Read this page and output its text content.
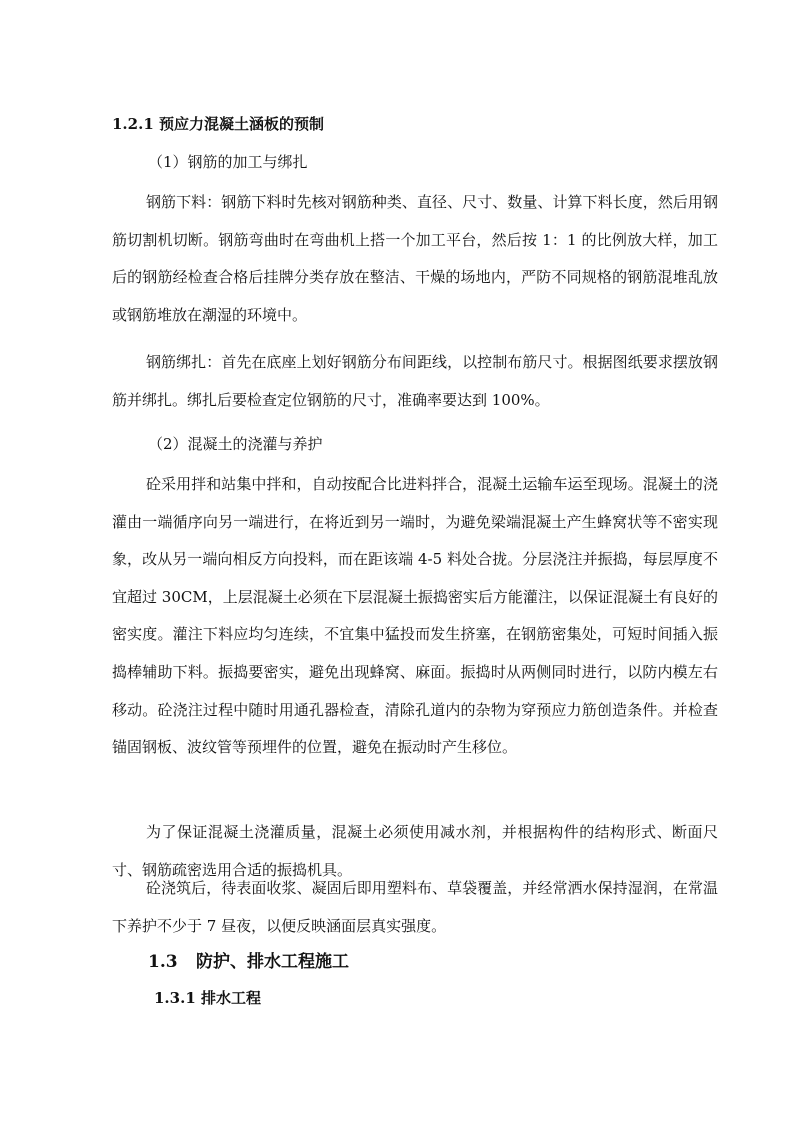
1.2.1 预应力混凝土涵板的预制
（1）钢筋的加工与绑扎

钢筋下料：钢筋下料时先核对钢筋种类、直径、尺寸、数量、计算下料长度，然后用钢筋切割机切断。钢筋弯曲时在弯曲机上搭一个加工平台，然后按 1：1 的比例放大样，加工后的钢筋经检查合格后挂牌分类存放在整洁、干燥的场地内，严防不同规格的钢筋混堆乱放或钢筋堆放在潮湿的环境中。

钢筋绑扎：首先在底座上划好钢筋分布间距线，以控制布筋尺寸。根据图纸要求摆放钢筋并绑扎。绑扎后要检查定位钢筋的尺寸，准确率要达到 100%。

（2）混凝土的浇灌与养护

砼采用拌和站集中拌和，自动按配合比进料拌合，混凝土运输车运至现场。混凝土的浇灌由一端循序向另一端进行，在将近到另一端时，为避免梁端混凝土产生蜂窝状等不密实现象，改从另一端向相反方向投料，而在距该端 4-5 料处合拢。分层浇注并振捣，每层厚度不宜超过 30CM，上层混凝土必须在下层混凝土振捣密实后方能灌注，以保证混凝土有良好的密实度。灌注下料应均匀连续，不宜集中猛投而发生挤塞，在钢筋密集处，可短时间插入振捣棒辅助下料。振捣要密实，避免出现蜂窝、麻面。振捣时从两侧同时进行，以防内模左右移动。砼浇注过程中随时用通孔器检查，清除孔道内的杂物为穿预应力筋创造条件。并检查锚固钢板、波纹管等预埋件的位置，避免在振动时产生移位。

为了保证混凝土浇灌质量，混凝土必须使用减水剂，并根据构件的结构形式、断面尺寸、钢筋疏密选用合适的振捣机具。

砼浇筑后，待表面收浆、凝固后即用塑料布、草袋覆盖，并经常洒水保持湿润，在常温下养护不少于 7 昼夜，以便反映涵面层真实强度。

1.3 防护、排水工程施工
1.3.1 排水工程
